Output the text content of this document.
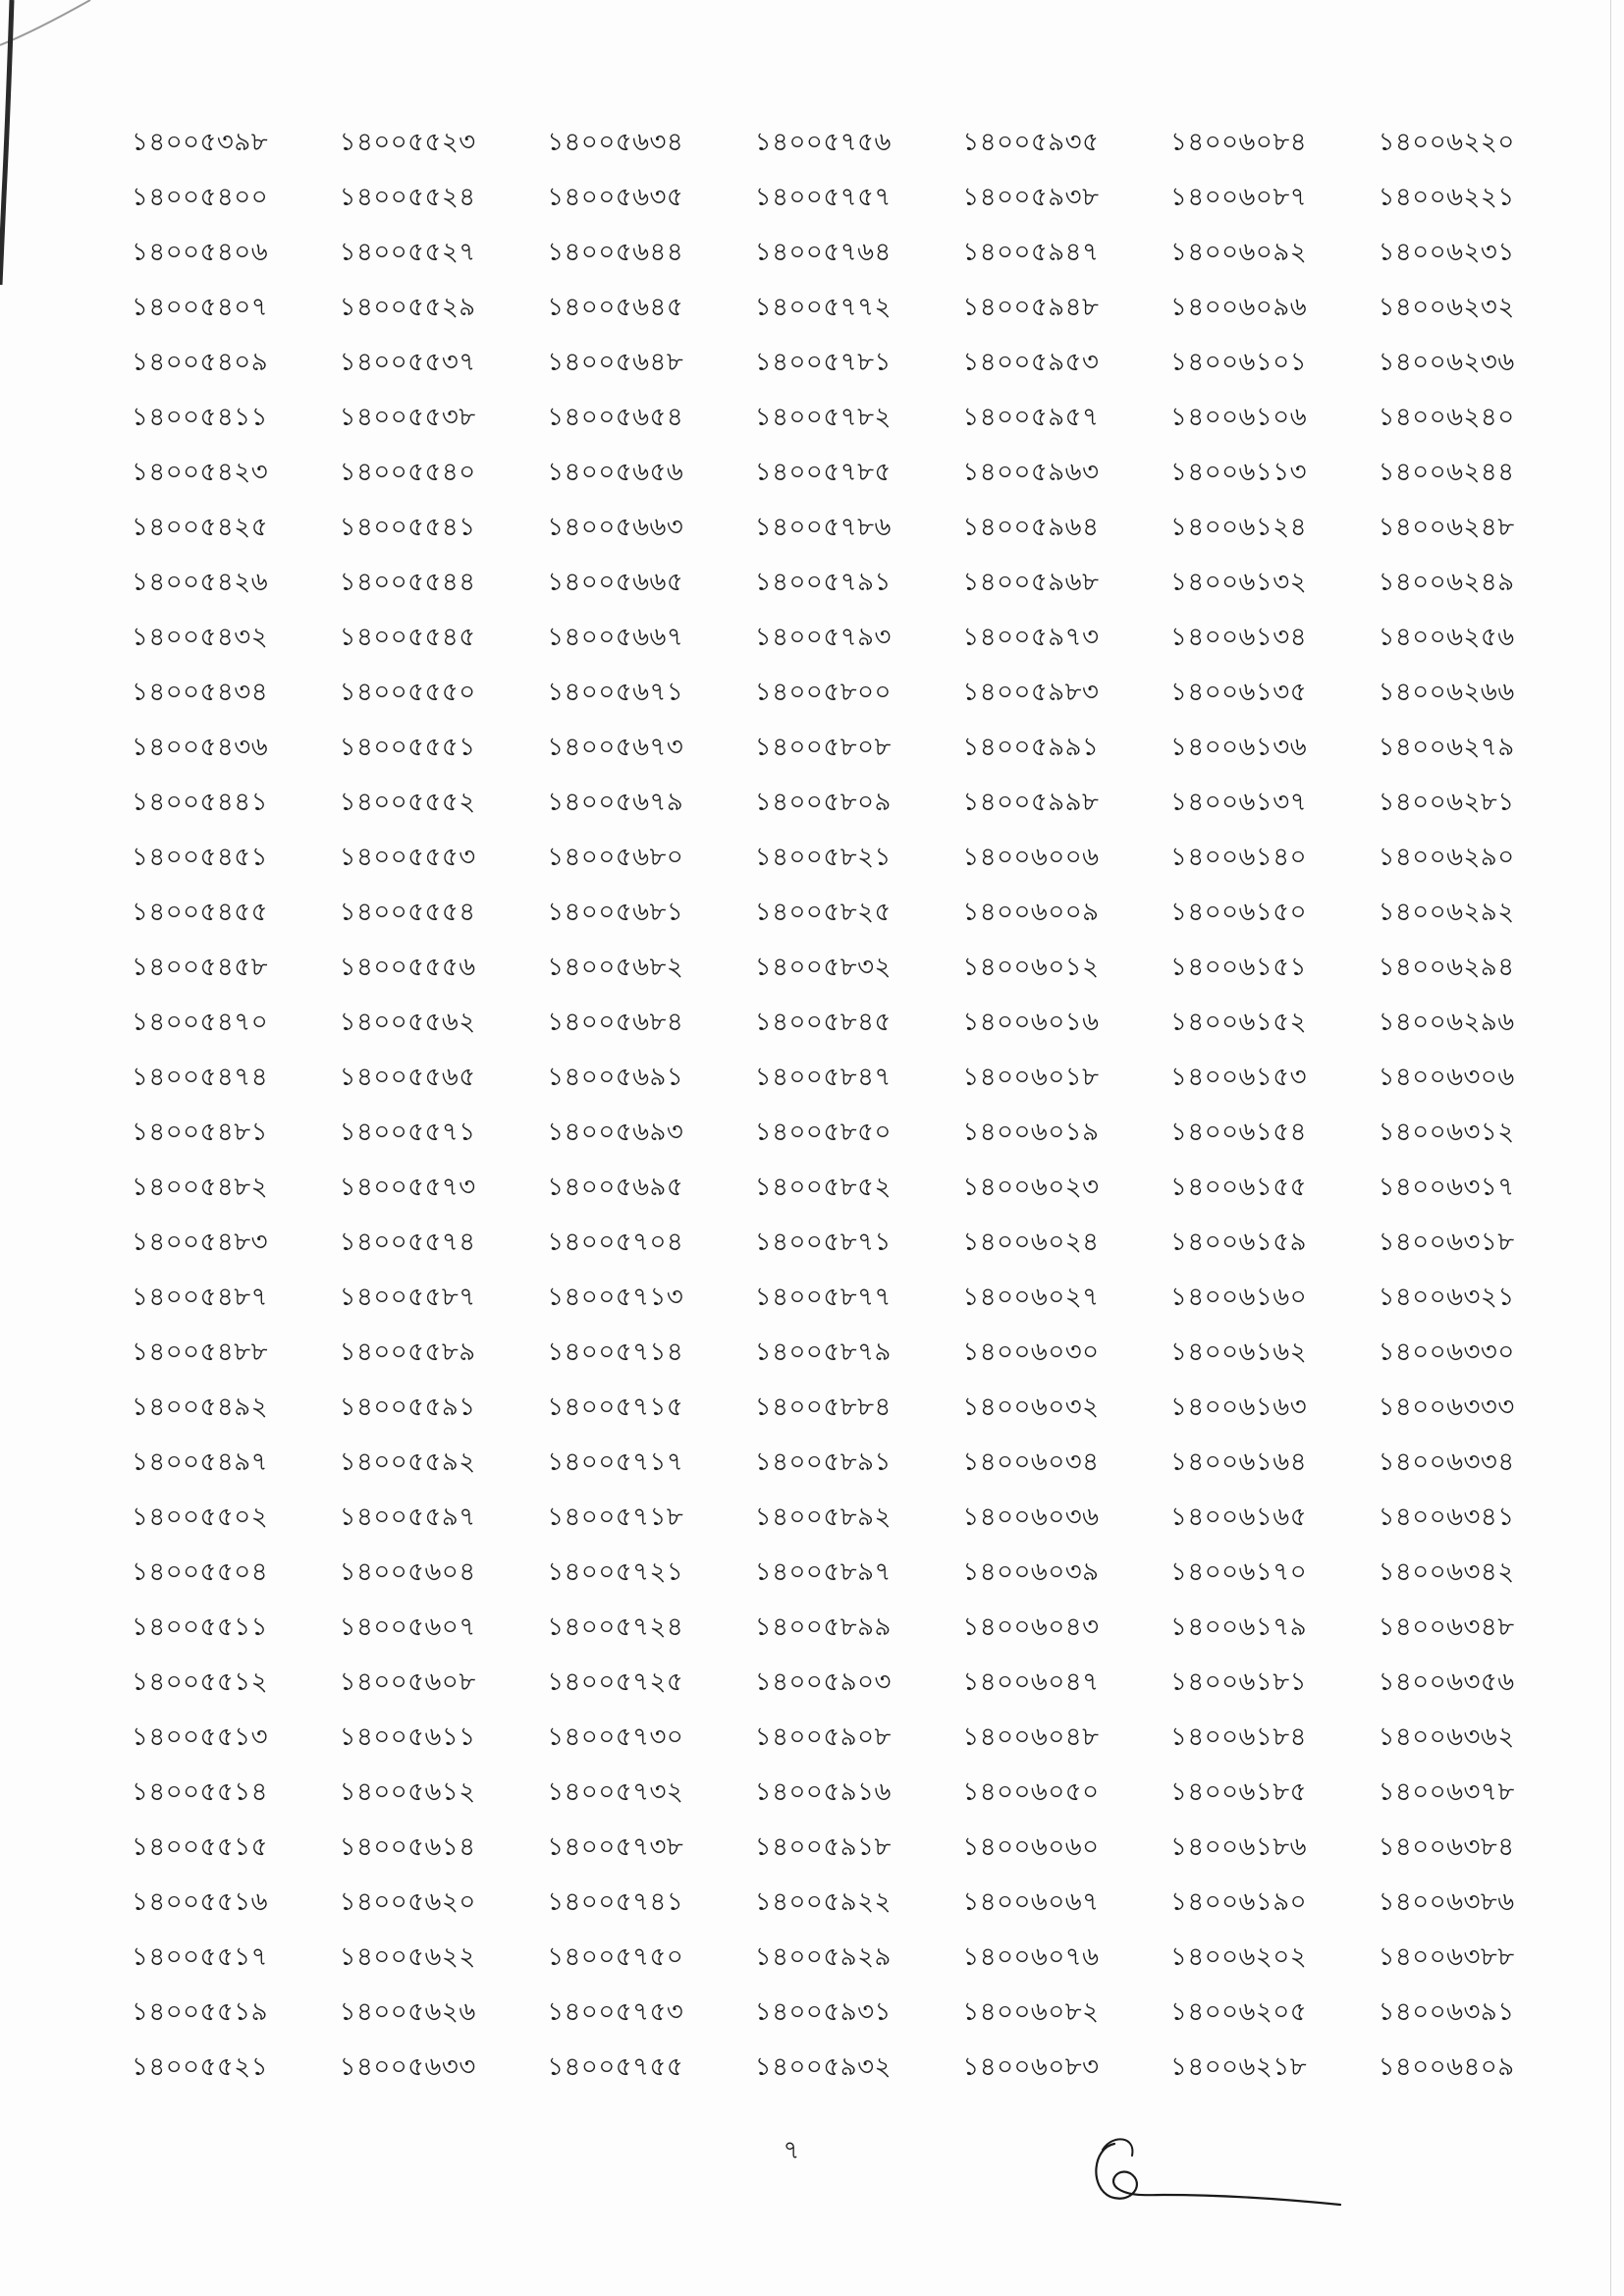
১৪০০৫৩৯৮
১৪০০৫৪০০
১৪০০৫৪০৬
১৪০০৫৪০৭
১৪০০৫৪০৯
১৪০০৫৪১১
১৪০০৫৪২৩
১৪০০৫৪২৫
১৪০০৫৪২৬
১৪০০৫৪৩২
১৪০০৫৪৩৪
১৪০০৫৪৩৬
১৪০০৫৪৪১
১৪০০৫৪৫১
১৪০০৫৪৫৫
১৪০০৫৪৫৮
১৪০০৫৪৭০
১৪০০৫৪৭৪
১৪০০৫৪৮১
১৪০০৫৪৮২
১৪০০৫৪৮৩
১৪০০৫৪৮৭
১৪০০৫৪৮৮
১৪০০৫৪৯২
১৪০০৫৪৯৭
১৪০০৫৫০২
১৪০০৫৫০৪
১৪০০৫৫১১
১৪০০৫৫১২
১৪০০৫৫১৩
১৪০০৫৫১৪
১৪০০৫৫১৫
১৪০০৫৫১৬
১৪০০৫৫১৭
১৪০০৫৫১৯
১৪০০৫৫২১
১৪০০৫৫২৩
১৪০০৫৫২৪
১৪০০৫৫২৭
১৪০০৫৫২৯
১৪০০৫৫৩৭
১৪০০৫৫৩৮
১৪০০৫৫৪০
১৪০০৫৫৪১
১৪০০৫৫৪৪
১৪০০৫৫৪৫
১৪০০৫৫৫০
১৪০০৫৫৫১
১৪০০৫৫৫২
১৪০০৫৫৫৩
১৪০০৫৫৫৪
১৪০০৫৫৫৬
১৪০০৫৫৬২
১৪০০৫৫৬৫
১৪০০৫৫৭১
১৪০০৫৫৭৩
১৪০০৫৫৭৪
১৪০০৫৫৮৭
১৪০০৫৫৮৯
১৪০০৫৫৯১
১৪০০৫৫৯২
১৪০০৫৫৯৭
১৪০০৫৬০৪
১৪০০৫৬০৭
১৪০০৫৬০৮
১৪০০৫৬১১
১৪০০৫৬১২
১৪০০৫৬১৪
১৪০০৫৬২০
১৪০০৫৬২২
১৪০০৫৬২৬
১৪০০৫৬৩৩
১৪০০৫৬৩৪
১৪০০৫৬৩৫
১৪০০৫৬৪৪
১৪০০৫৬৪৫
১৪০০৫৬৪৮
১৪০০৫৬৫৪
১৪০০৫৬৫৬
১৪০০৫৬৬৩
১৪০০৫৬৬৫
১৪০০৫৬৬৭
১৪০০৫৬৭১
১৪০০৫৬৭৩
১৪০০৫৬৭৯
১৪০০৫৬৮০
১৪০০৫৬৮১
১৪০০৫৬৮২
১৪০০৫৬৮৪
১৪০০৫৬৯১
১৪০০৫৬৯৩
১৪০০৫৬৯৫
১৪০০৫৭০৪
১৪০০৫৭১৩
১৪০০৫৭১৪
১৪০০৫৭১৫
১৪০০৫৭১৭
১৪০০৫৭১৮
১৪০০৫৭২১
১৪০০৫৭২৪
১৪০০৫৭২৫
১৪০০৫৭৩০
১৪০০৫৭৩২
১৪০০৫৭৩৮
১৪০০৫৭৪১
১৪০০৫৭৫০
১৪০০৫৭৫৩
১৪০০৫৭৫৫
১৪০০৫৭৫৬
১৪০০৫৭৫৭
১৪০০৫৭৬৪
১৪০০৫৭৭২
১৪০০৫৭৮১
১৪০০৫৭৮২
১৪০০৫৭৮৫
১৪০০৫৭৮৬
১৪০০৫৭৯১
১৪০০৫৭৯৩
১৪০০৫৮০০
১৪০০৫৮০৮
১৪০০৫৮০৯
১৪০০৫৮২১
১৪০০৫৮২৫
১৪০০৫৮৩২
১৪০০৫৮৪৫
১৪০০৫৮৪৭
১৪০০৫৮৫০
১৪০০৫৮৫২
১৪০০৫৮৭১
১৪০০৫৮৭৭
১৪০০৫৮৭৯
১৪০০৫৮৮৪
১৪০০৫৮৯১
১৪০০৫৮৯২
১৪০০৫৮৯৭
১৪০০৫৮৯৯
১৪০০৫৯০৩
১৪০০৫৯০৮
১৪০০৫৯১৬
১৪০০৫৯১৮
১৪০০৫৯২২
১৪০০৫৯২৯
১৪০০৫৯৩১
১৪০০৫৯৩২
১৪০০৫৯৩৫
১৪০০৫৯৩৮
১৪০০৫৯৪৭
১৪০০৫৯৪৮
১৪০০৫৯৫৩
১৪০০৫৯৫৭
১৪০০৫৯৬৩
১৪০০৫৯৬৪
১৪০০৫৯৬৮
১৪০০৫৯৭৩
১৪০০৫৯৮৩
১৪০০৫৯৯১
১৪০০৫৯৯৮
১৪০০৬০০৬
১৪০০৬০০৯
১৪০০৬০১২
১৪০০৬০১৬
১৪০০৬০১৮
১৪০০৬০১৯
১৪০০৬০২৩
১৪০০৬০২৪
১৪০০৬০২৭
১৪০০৬০৩০
১৪০০৬০৩২
১৪০০৬০৩৪
১৪০০৬০৩৬
১৪০০৬০৩৯
১৪০০৬০৪৩
১৪০০৬০৪৭
১৪০০৬০৪৮
১৪০০৬০৫০
১৪০০৬০৬০
১৪০০৬০৬৭
১৪০০৬০৭৬
১৪০০৬০৮২
১৪০০৬০৮৩
১৪০০৬০৮৪
১৪০০৬০৮৭
১৪০০৬০৯২
১৪০০৬০৯৬
১৪০০৬১০১
১৪০০৬১০৬
১৪০০৬১১৩
১৪০০৬১২৪
১৪০০৬১৩২
১৪০০৬১৩৪
১৪০০৬১৩৫
১৪০০৬১৩৬
১৪০০৬১৩৭
১৪০০৬১৪০
১৪০০৬১৫০
১৪০০৬১৫১
১৪০০৬১৫২
১৪০০৬১৫৩
১৪০০৬১৫৪
১৪০০৬১৫৫
১৪০০৬১৫৯
১৪০০৬১৬০
১৪০০৬১৬২
১৪০০৬১৬৩
১৪০০৬১৬৪
১৪০০৬১৬৫
১৪০০৬১৭০
১৪০০৬১৭৯
১৪০০৬১৮১
১৪০০৬১৮৪
১৪০০৬১৮৫
১৪০০৬১৮৬
১৪০০৬১৯০
১৪০০৬২০২
১৪০০৬২০৫
১৪০০৬২১৮
১৪০০৬২২০
১৪০০৬২২১
১৪০০৬২৩১
১৪০০৬২৩২
১৪০০৬২৩৬
১৪০০৬২৪০
১৪০০৬২৪৪
১৪০০৬২৪৮
১৪০০৬২৪৯
১৪০০৬২৫৬
১৪০০৬২৬৬
১৪০০৬২৭৯
১৪০০৬২৮১
১৪০০৬২৯০
১৪০০৬২৯২
১৪০০৬২৯৪
১৪০০৬২৯৬
১৪০০৬৩০৬
১৪০০৬৩১২
১৪০০৬৩১৭
১৪০০৬৩১৮
১৪০০৬৩২১
১৪০০৬৩৩০
১৪০০৬৩৩৩
১৪০০৬৩৩৪
১৪০০৬৩৪১
১৪০০৬৩৪২
১৪০০৬৩৪৮
১৪০০৬৩৫৬
১৪০০৬৩৬২
১৪০০৬৩৭৮
১৪০০৬৩৮৪
১৪০০৬৩৮৬
১৪০০৬৩৮৮
১৪০০৬৩৯১
১৪০০৬৪০৯
৭
